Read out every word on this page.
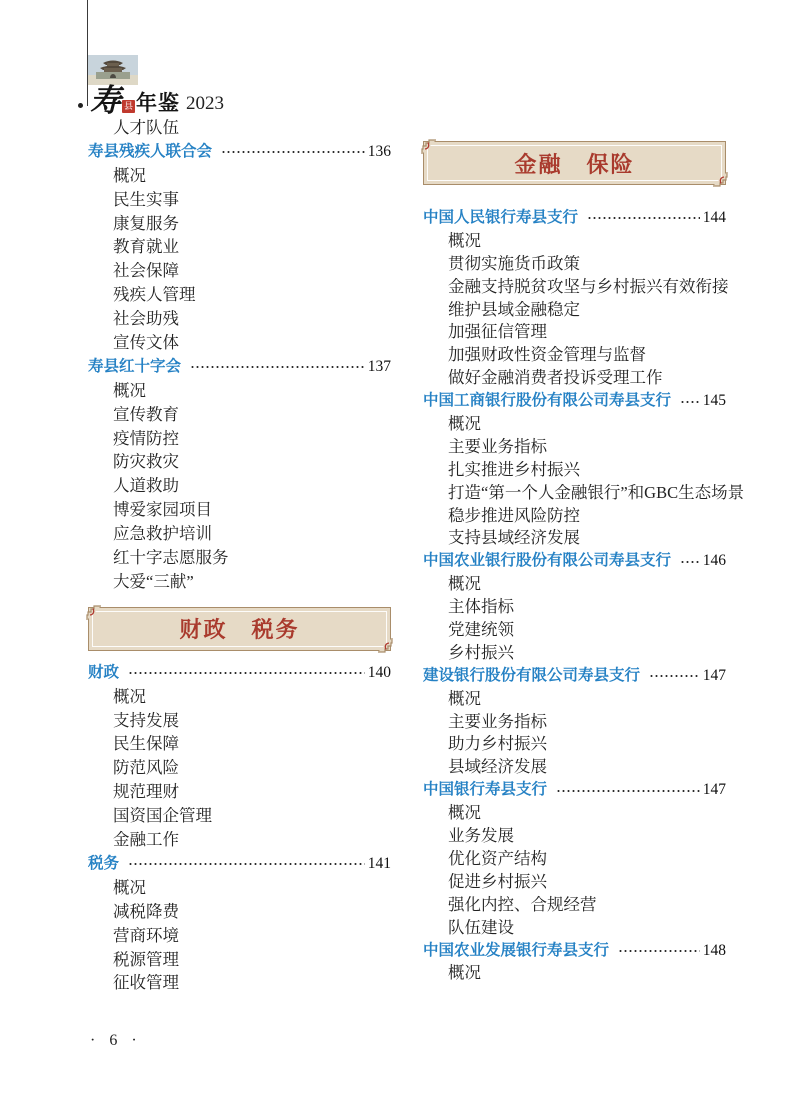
寿 县 年鉴 2023
人才队伍
寿县残疾人联合会	136
概况
民生实事
康复服务
教育就业
社会保障
残疾人管理
社会助残
宣传文体
寿县红十字会	137
概况
宣传教育
疫情防控
防灾救灾
人道救助
博爱家园项目
应急救护培训
红十字志愿服务
大爱“三献”
财政　税务
财政	140
概况
支持发展
民生保障
防范风险
规范理财
国资国企管理
金融工作
税务	141
概况
减税降费
营商环境
税源管理
征收管理
金融　保险
中国人民银行寿县支行	144
概况
贯彻实施货币政策
金融支持脱贫攻坚与乡村振兴有效衔接
维护县域金融稳定
加强征信管理
加强财政性资金管理与监督
做好金融消费者投诉受理工作
中国工商银行股份有限公司寿县支行 145
概况
主要业务指标
扎实推进乡村振兴
打造“第一个人金融银行”和GBC生态场景
稳步推进风险防控
支持县域经济发展
中国农业银行股份有限公司寿县支行 146
概况
主体指标
党建统领
乡村振兴
建设银行股份有限公司寿县支行	147
概况
主要业务指标
助力乡村振兴
县域经济发展
中国银行寿县支行	147
概况
业务发展
优化资产结构
促进乡村振兴
强化内控、合规经营
队伍建设
中国农业发展银行寿县支行	148
概况
· 6 ·
